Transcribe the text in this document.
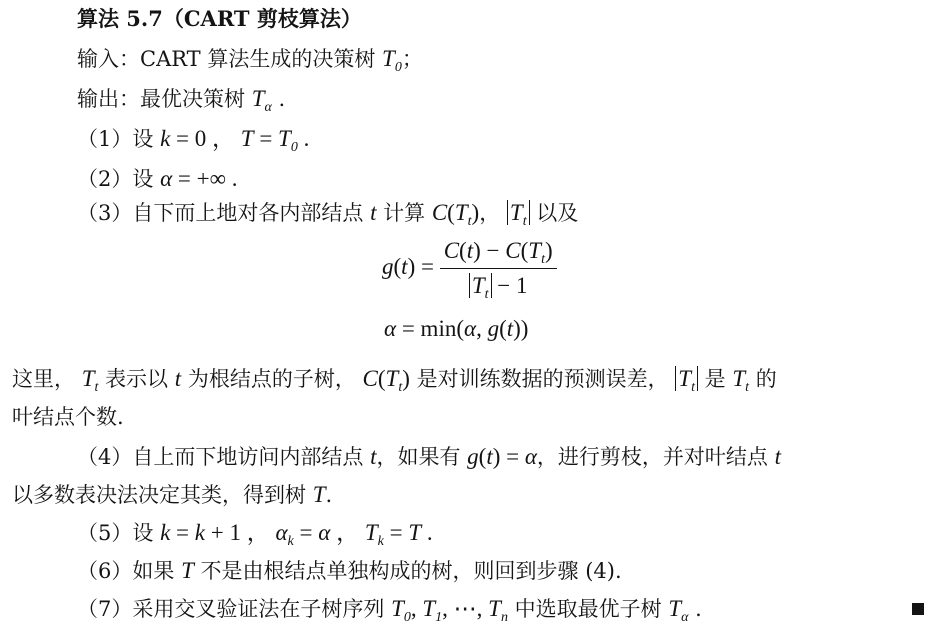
算法 5.7（CART 剪枝算法）
输入：CART 算法生成的决策树 $T_0$；
输出：最优决策树 $T_\alpha$ .
（1）设 k = 0 ， $T = T_0$ .
（2）设 α = +∞ .
（3）自下而上地对各内部结点 t 计算 $C(T_t)$， $T_t$ 以及
$g(t) = \frac{C(t) - C(T_t)}{T_t - 1}$
α = min(α, g(t))
这里， $T_t$ 表示以 t 为根结点的子树， $C(T_t)$ 是对训练数据的预测误差， $T_t$ 是 $T_t$ 的
叶结点个数.
（4）自上而下地访问内部结点 t，如果有 g(t) = α，进行剪枝，并对叶结点 t
以多数表决法决定其类，得到树 T.
（5）设 k = k + 1 ， $\alpha_k = \alpha$ ， $T_k = T$ .
（6）如果 T 不是由根结点单独构成的树，则回到步骤 (4).
（7）采用交叉验证法在子树序列 $T_0$, $T_1$, ⋯, $T_n$ 中选取最优子树 $T_\alpha$ .
